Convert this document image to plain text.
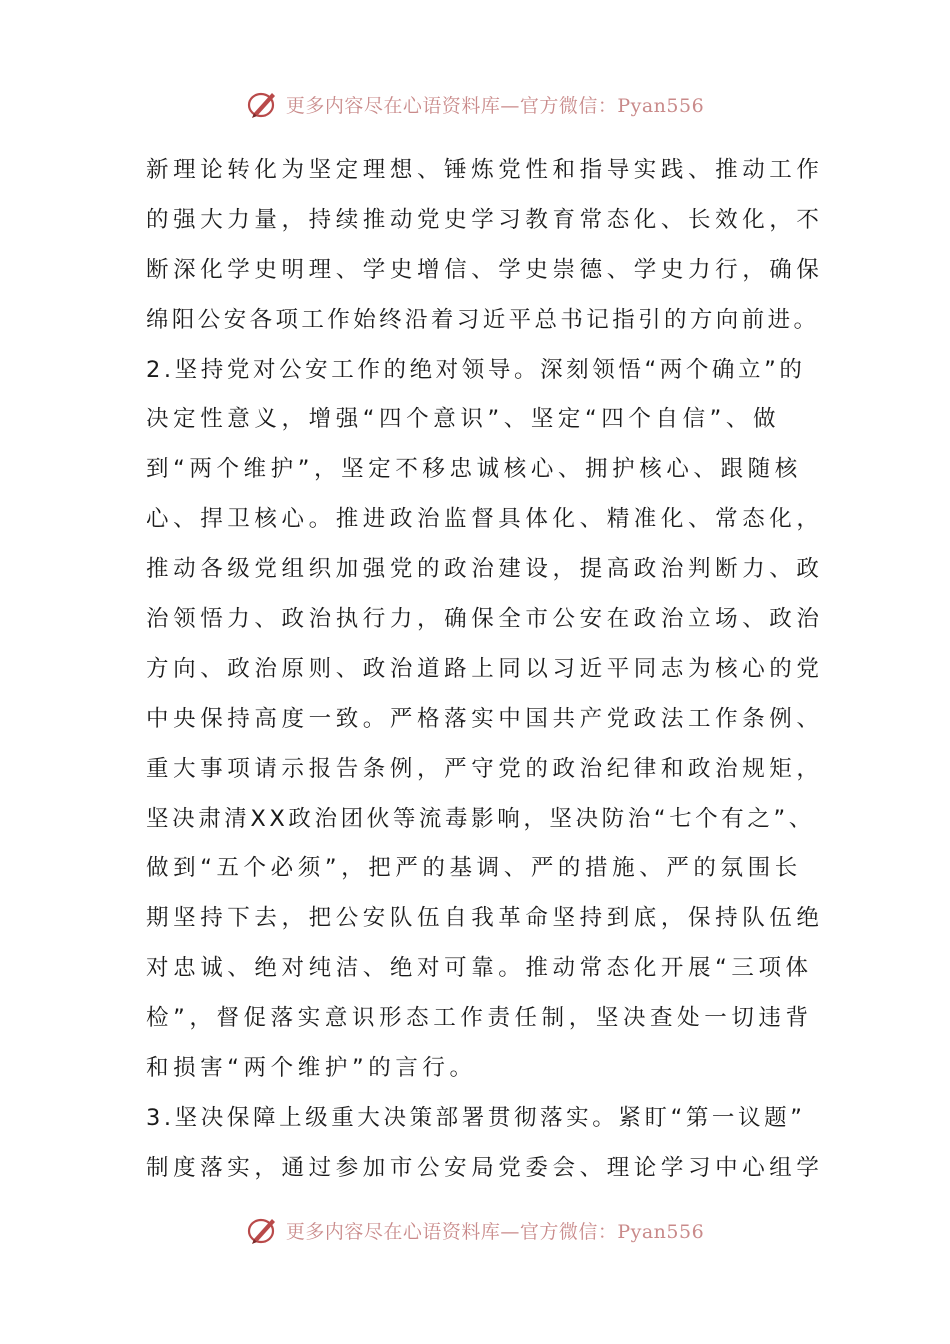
更多内容尽在心语资料库—官方微信：Pyan556
新理论转化为坚定理想、锤炼党性和指导实践、推动工作
的强大力量，持续推动党史学习教育常态化、长效化，不
断深化学史明理、学史增信、学史崇德、学史力行，确保
绵阳公安各项工作始终沿着习近平总书记指引的方向前进。
2.坚持党对公安工作的绝对领导。深刻领悟“两个确立”的
决定性意义，增强“四个意识”、坚定“四个自信”、做
到“两个维护”，坚定不移忠诚核心、拥护核心、跟随核
心、捍卫核心。推进政治监督具体化、精准化、常态化，
推动各级党组织加强党的政治建设，提高政治判断力、政
治领悟力、政治执行力，确保全市公安在政治立场、政治
方向、政治原则、政治道路上同以习近平同志为核心的党
中央保持高度一致。严格落实中国共产党政法工作条例、
重大事项请示报告条例，严守党的政治纪律和政治规矩，
坚决肃清XX政治团伙等流毒影响，坚决防治“七个有之”、
做到“五个必须”，把严的基调、严的措施、严的氛围长
期坚持下去，把公安队伍自我革命坚持到底，保持队伍绝
对忠诚、绝对纯洁、绝对可靠。推动常态化开展“三项体
检”，督促落实意识形态工作责任制，坚决查处一切违背
和损害“两个维护”的言行。
3.坚决保障上级重大决策部署贯彻落实。紧盯“第一议题”
制度落实，通过参加市公安局党委会、理论学习中心组学
更多内容尽在心语资料库—官方微信：Pyan556
